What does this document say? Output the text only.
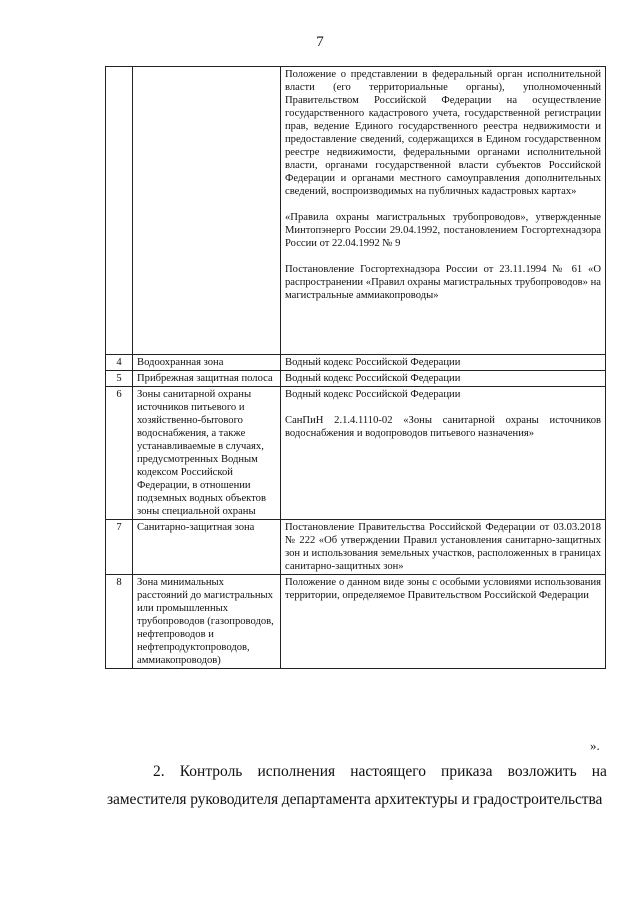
7

		Положение о представлении в федеральный орган исполнительной власти (его территориальные органы), уполномоченный Правительством Российской Федерации на осуществление государственного кадастрового учета, государственной регистрации прав, ведение Единого государственного реестра недвижимости и предоставление сведений, содержащихся в Едином государственном реестре недвижимости, федеральными органами исполнительной власти, органами государственной власти субъектов Российской Федерации и органами местного самоуправления дополнительных сведений, воспроизводимых на публичных кадастровых картах»
«Правила охраны магистральных трубопроводов», утвержденные Минтопэнерго России 29.04.1992, постановлением Госгортехнадзора России от 22.04.1992 № 9
Постановление Госгортехнадзора России от 23.11.1994 № 61 «О распространении «Правил охраны магистральных трубопроводов» на магистральные аммиакопроводы»

4	Водоохранная зона	Водный кодекс Российской Федерации

5	Прибрежная защитная полоса	Водный кодекс Российской Федерации

6	Зоны санитарной охраны источников питьевого и хозяйственно-бытового водоснабжения, а также устанавливаемые в случаях, предусмотренных Водным кодексом Российской Федерации, в отношении подземных водных объектов зоны специальной охраны	Водный кодекс Российской Федерации
СанПиН 2.1.4.1110-02 «Зоны санитарной охраны источников водоснабжения и водопроводов питьевого назначения»

7	Санитарно-защитная зона	Постановление Правительства Российской Федерации от 03.03.2018 № 222 «Об утверждении Правил установления санитарно-защитных зон и использования земельных участков, расположенных в границах санитарно-защитных зон»

8	Зона минимальных расстояний до магистральных или промышленных трубопроводов (газопроводов, нефтепроводов и нефтепродуктопроводов, аммиакопроводов)	Положение о данном виде зоны с особыми условиями использования территории, определяемое Правительством Российской Федерации
».
2. Контроль исполнения настоящего приказа возложить на
заместителя руководителя департамента архитектуры и градостроительства
